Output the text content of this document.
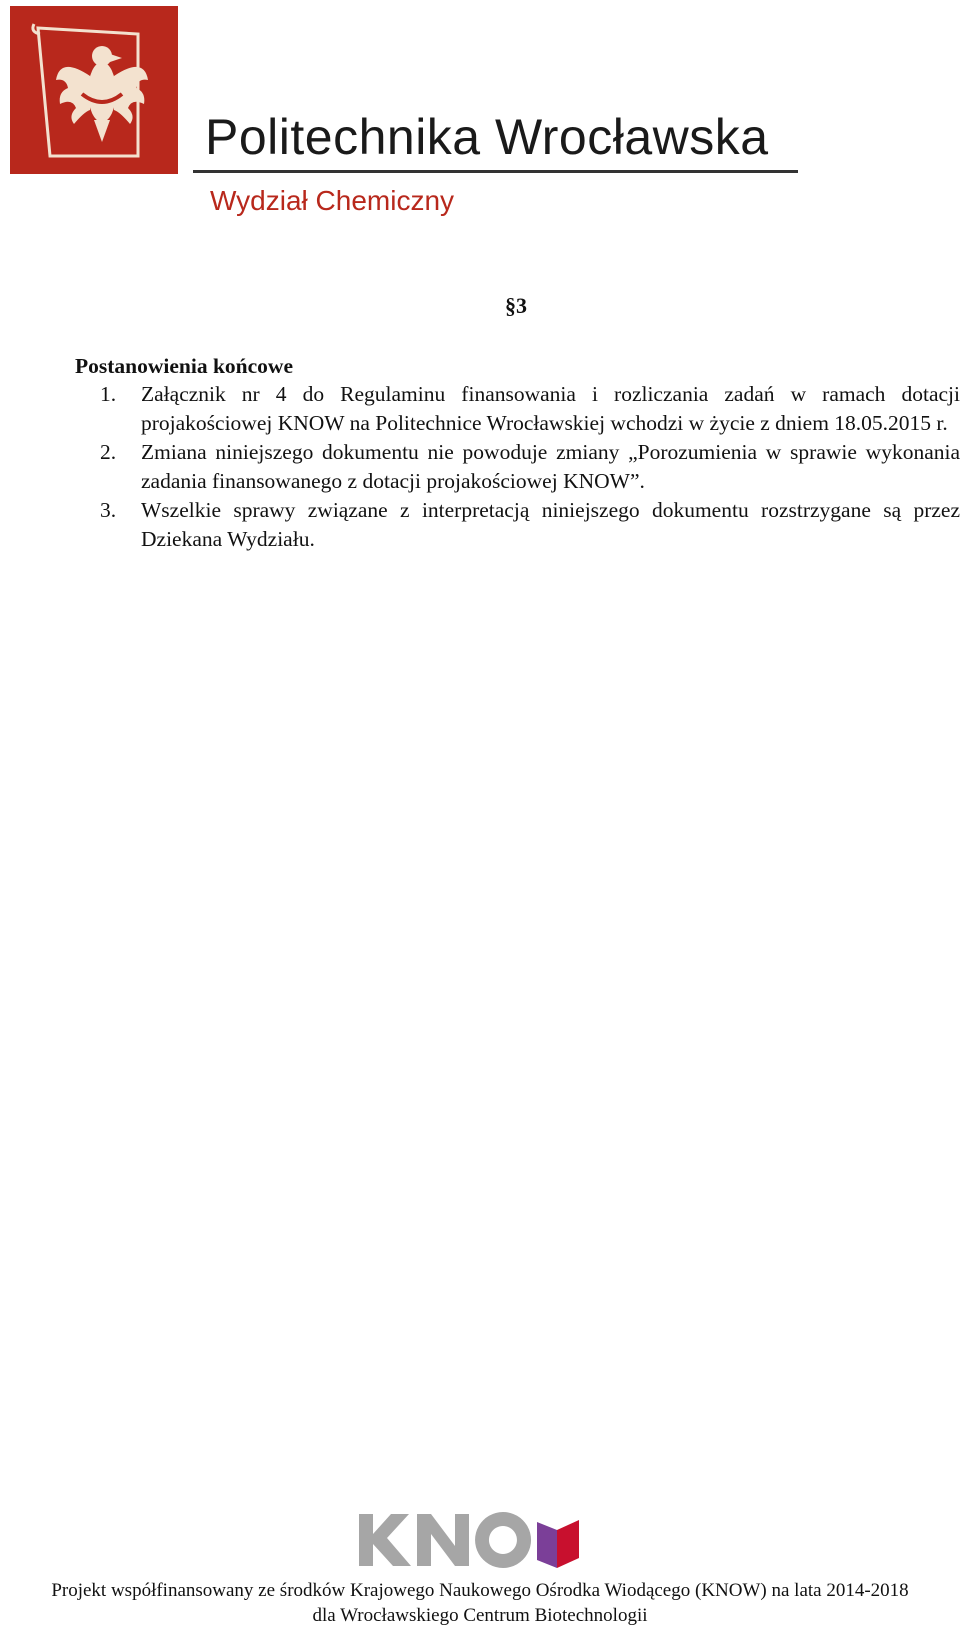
Politechnika Wrocławska
Wydział Chemiczny
§3
Postanowienia końcowe
1. Załącznik nr 4 do Regulaminu finansowania i rozliczania zadań w ramach dotacji projakościowej KNOW na Politechnice Wrocławskiej wchodzi w życie z dniem 18.05.2015 r.
2. Zmiana niniejszego dokumentu nie powoduje zmiany „Porozumienia w sprawie wykonania zadania finansowanego z dotacji projakościowej KNOW”.
3. Wszelkie sprawy związane z interpretacją niniejszego dokumentu rozstrzygane są przez Dziekana Wydziału.
Projekt współfinansowany ze środków Krajowego Naukowego Ośrodka Wiodącego (KNOW) na lata 2014-2018
dla Wrocławskiego Centrum Biotechnologii
